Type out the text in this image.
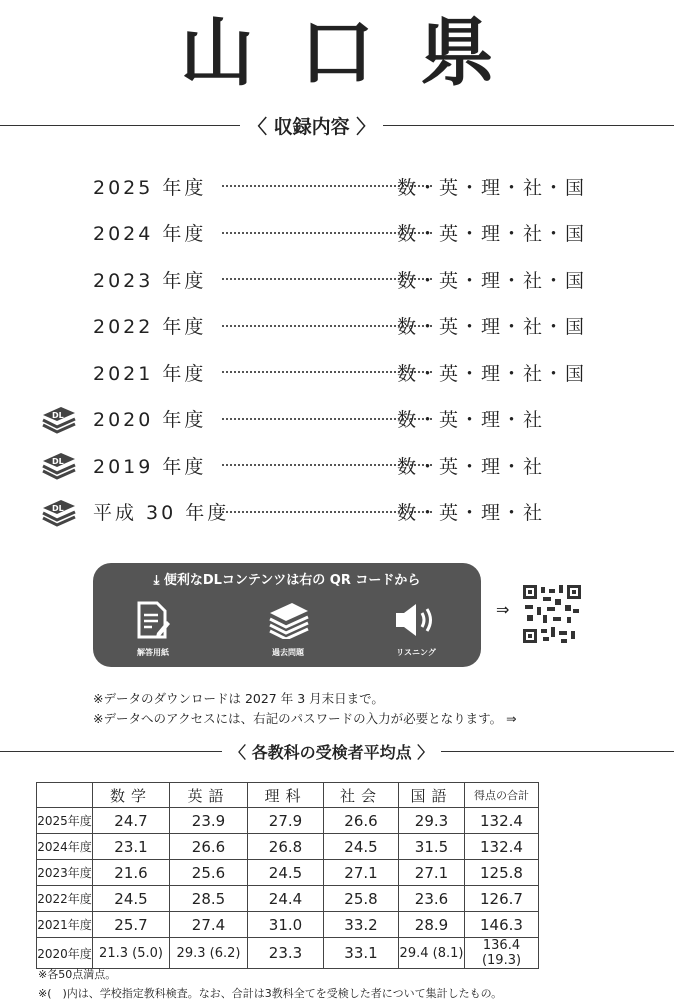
山口県
〈 収録内容 〉
2025 年度	数・英・理・社・国
2024 年度	数・英・理・社・国
2023 年度	数・英・理・社・国
2022 年度	数・英・理・社・国
2021 年度	数・英・理・社・国
DL 2020 年度	数・英・理・社
DL 2019 年度	数・英・理・社
DL 平成 30 年度	数・英・理・社
⤓ 便利なDLコンテンツは右の QR コードから
解答用紙	過去問題	リスニング
⇒
※データのダウンロードは 2027 年 3 月末日まで。
※データへのアクセスには、右記のパスワードの入力が必要となります。 ⇒
〈 各教科の受検者平均点 〉
	数学	英語	理科	社会	国語	得点の合計
2025年度	24.7	23.9	27.9	26.6	29.3	132.4
2024年度	23.1	26.6	26.8	24.5	31.5	132.4
2023年度	21.6	25.6	24.5	27.1	27.1	125.8
2022年度	24.5	28.5	24.4	25.8	23.6	126.7
2021年度	25.7	27.4	31.0	33.2	28.9	146.3
2020年度	21.3 (5.0)	29.3 (6.2)	23.3	33.1	29.4 (8.1)	136.4 (19.3)
※各50点満点。
※(　)内は、学校指定教科検査。なお、合計は3教科全てを受検した者について集計したもの。
